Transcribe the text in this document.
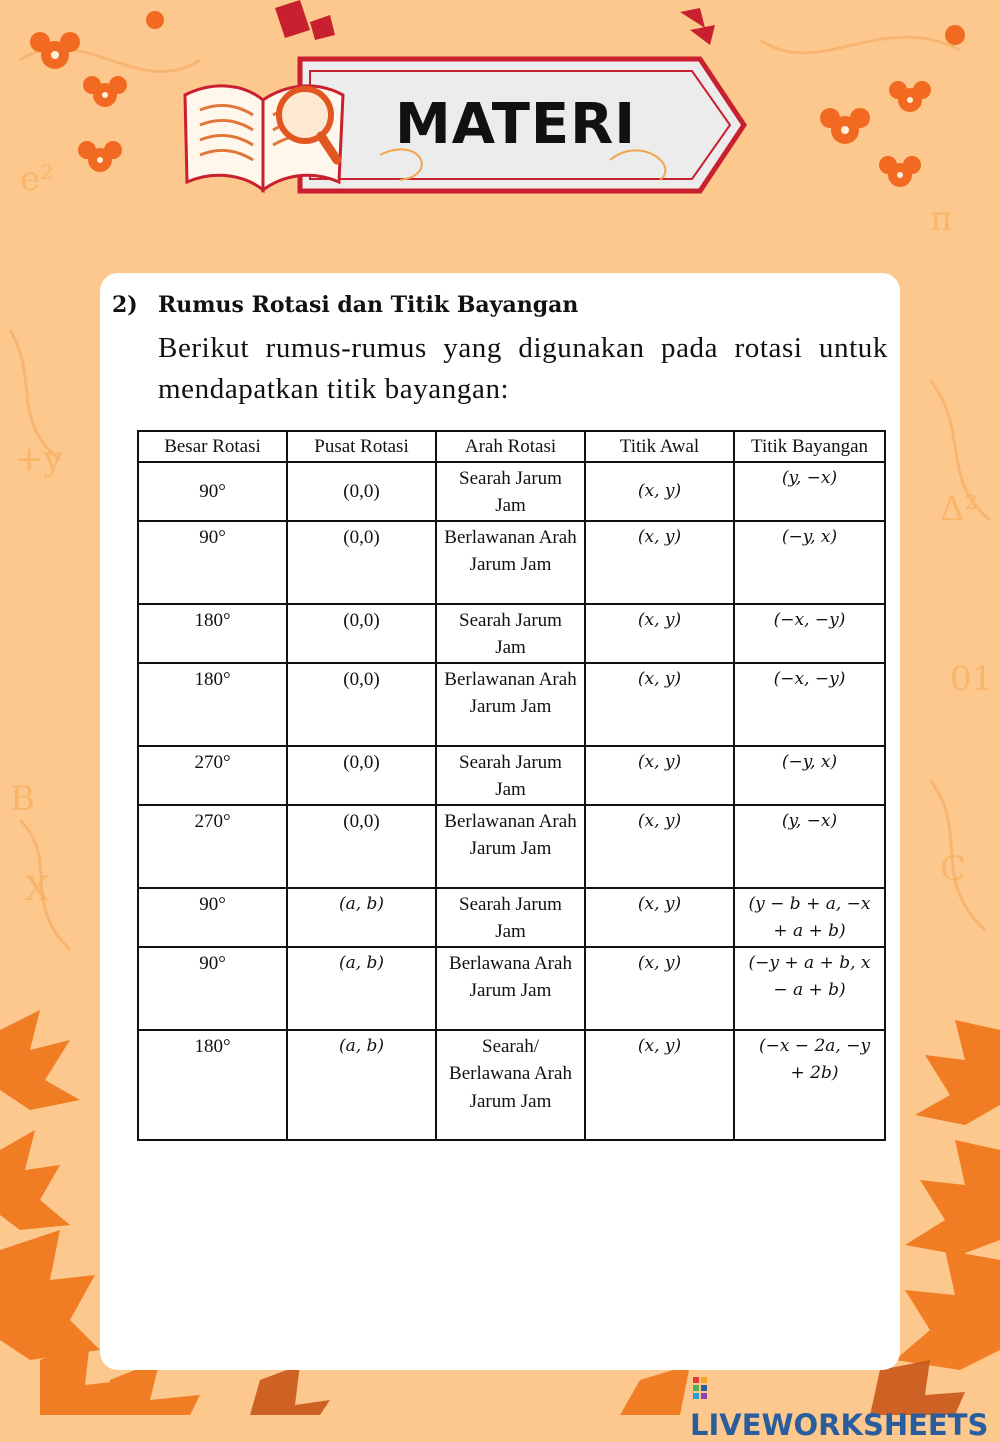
e²
π
+y
Δ²
B
01
X	C
MATERI
2) Rumus Rotasi dan Titik Bayangan
Berikut rumus-rumus yang digunakan pada rotasi untuk mendapatkan titik bayangan:
Besar Rotasi	Pusat Rotasi	Arah Rotasi	Titik Awal	Titik Bayangan
90°	(0,0)	Searah Jarum Jam	(x, y)	(y, −x)
90°	(0,0)	Berlawanan Arah Jarum Jam	(x, y)	(−y, x)
180°	(0,0)	Searah Jarum Jam	(x, y)	(−x, −y)
180°	(0,0)	Berlawanan Arah Jarum Jam	(x, y)	(−x, −y)
270°	(0,0)	Searah Jarum Jam	(x, y)	(−y, x)
270°	(0,0)	Berlawanan Arah Jarum Jam	(x, y)	(y, −x)
90°	(a, b)	Searah Jarum Jam	(x, y)	(y − b + a, −x + a + b)
90°	(a, b)	Berlawana Arah Jarum Jam	(x, y)	(−y + a + b, x − a + b)
180°	(a, b)	Searah/ Berlawana Arah Jarum Jam	(x, y)	(−x − 2a, −y + 2b)
LIVEWORKSHEETS
